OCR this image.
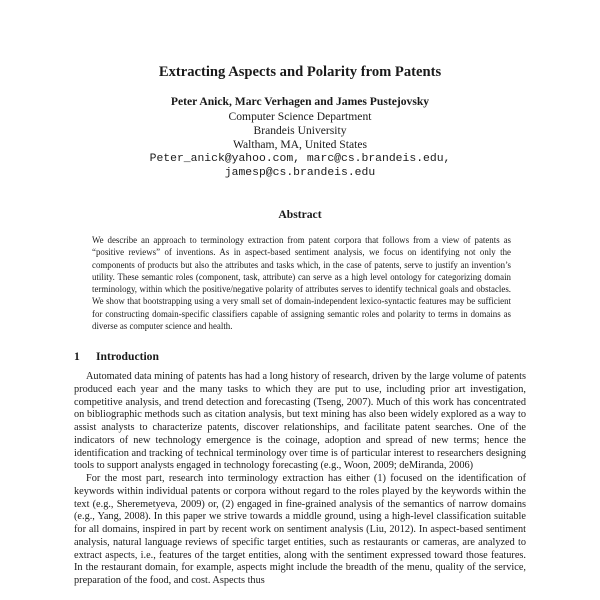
Extracting Aspects and Polarity from Patents
Peter Anick, Marc Verhagen and James Pustejovsky
Computer Science Department
Brandeis University
Waltham, MA, United States
Peter_anick@yahoo.com, marc@cs.brandeis.edu,
jamesp@cs.brandeis.edu
Abstract
We describe an approach to terminology extraction from patent corpora that follows from a view of patents as “positive reviews” of inventions. As in aspect-based sentiment analysis, we focus on identifying not only the components of products but also the attributes and tasks which, in the case of patents, serve to justify an invention’s utility. These semantic roles (component, task, attribute) can serve as a high level ontology for categorizing domain terminology, within which the positive/negative polarity of attributes serves to identify technical goals and obstacles. We show that bootstrapping using a very small set of domain-independent lexico-syntactic features may be sufficient for constructing domain-specific classifiers capable of assigning semantic roles and polarity to terms in domains as diverse as computer science and health.
1 Introduction

Automated data mining of patents has had a long history of research, driven by the large volume of patents produced each year and the many tasks to which they are put to use, including prior art investigation, competitive analysis, and trend detection and forecasting (Tseng, 2007). Much of this work has concentrated on bibliographic methods such as citation analysis, but text mining has also been widely explored as a way to assist analysts to characterize patents, discover relationships, and facilitate patent searches. One of the indicators of new technology emergence is the coinage, adoption and spread of new terms; hence the identification and tracking of technical terminology over time is of particular interest to researchers designing tools to support analysts engaged in technology forecasting (e.g., Woon, 2009; deMiranda, 2006)

For the most part, research into terminology extraction has either (1) focused on the identification of keywords within individual patents or corpora without regard to the roles played by the keywords within the text (e.g., Sheremetyeva, 2009) or, (2) engaged in fine-grained analysis of the semantics of narrow domains (e.g., Yang, 2008). In this paper we strive towards a middle ground, using a high-level classification suitable for all domains, inspired in part by recent work on sentiment analysis (Liu, 2012). In aspect-based sentiment analysis, natural language reviews of specific target entities, such as restaurants or cameras, are analyzed to extract aspects, i.e., features of the target entities, along with the sentiment expressed toward those features. In the restaurant domain, for example, aspects might include the breadth of the menu, quality of the service, preparation of the food, and cost. Aspects thus
